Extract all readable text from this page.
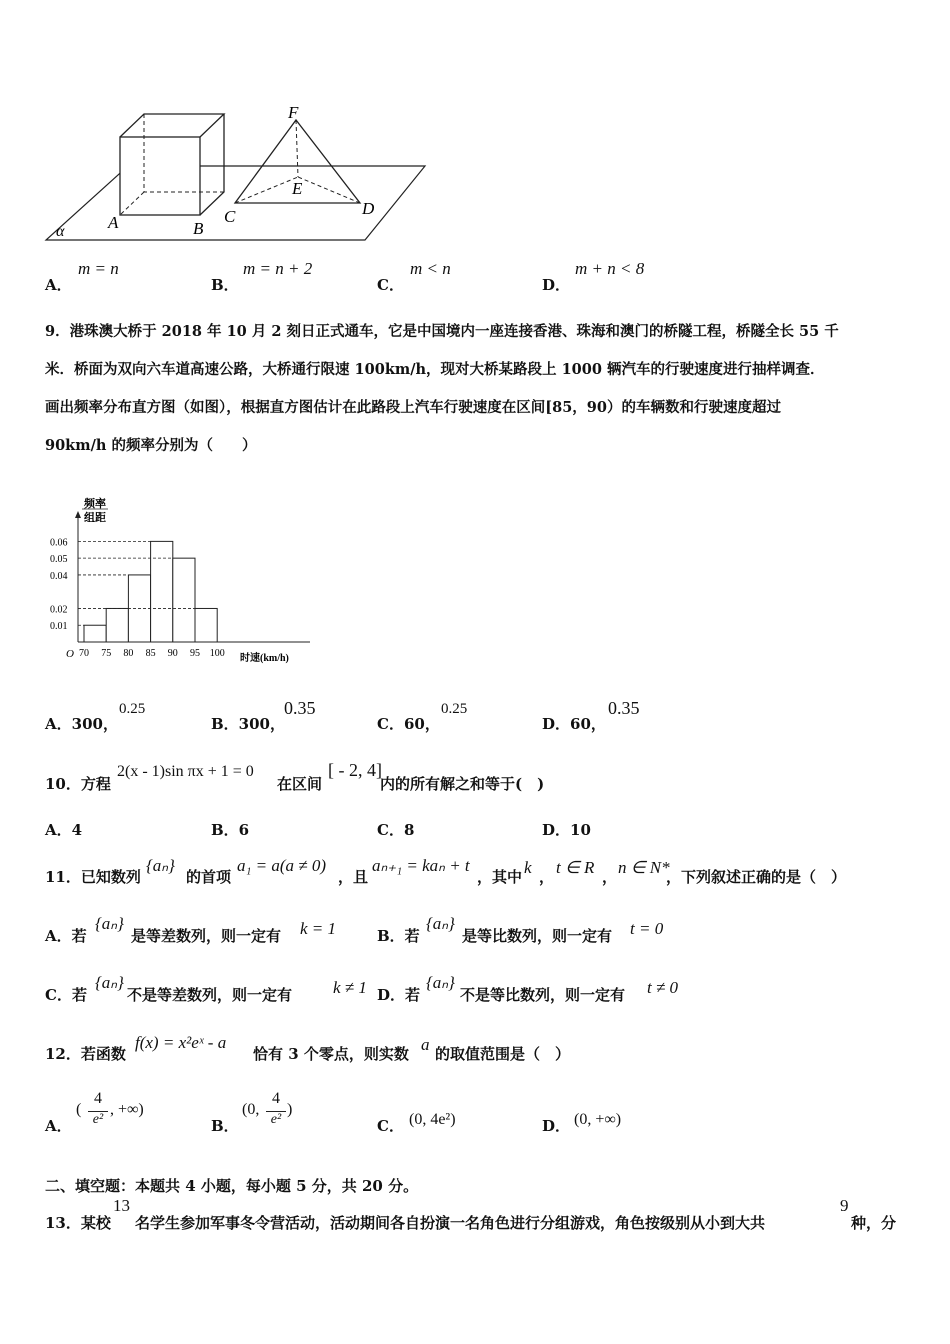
A	B
C	D
E
F
α
A．
m = n
B．
m = n + 2
C．
m < n
D．
m + n < 8
9．港珠澳大桥于 2018 年 10 月 2 刻日正式通车，它是中国境内一座连接香港、珠海和澳门的桥隧工程，桥隧全长 55 千
米．桥面为双向六车道高速公路，大桥通行限速 100km/h，现对大桥某路段上 1000 辆汽车的行驶速度进行抽样调查．
画出频率分布直方图（如图），根据直方图估计在此路段上汽车行驶速度在区间[85，90）的车辆数和行驶速度超过
90km/h 的频率分别为（　　）
频率
组距
O	时速(km/h)
0.01
0.02
0.04
0.05
0.06
70 75 80 85 90 95 100
A．300，
0.25
B．300，
0.35
C．60，
0.25
D．60，
0.35
10．方程
2(x - 1)sin πx + 1 = 0
在区间
[ - 2, 4]
内的所有解之和等于(　)
A．4	B．6	C．8	D．10
11．已知数列
{aₙ}
的首项
a₁ = a(a ≠ 0)
，且
aₙ₊₁ = kaₙ + t
，其中 k ， t ∈ R ， n ∈ N*
，下列叙述正确的是（　）
A．若
{aₙ}
是等差数列，则一定有 k = 1	B．若
{aₙ}
是等比数列，则一定有 t = 0
C．若
{aₙ}
不是等差数列，则一定有 k ≠ 1 D．若
{aₙ}
不是等比数列，则一定有 t ≠ 0
12．若函数
f(x) = x²eˣ - a
恰有 3 个零点，则实数 a 的取值范围是（　）
A．
(
4
e²
, +∞)
B．
(0,
4
e²
)
C． (0, 4e²)	D． (0, +∞)
二、填空题：本题共 4 小题，每小题 5 分，共 20 分。
13．某校
13
名学生参加军事冬令营活动，活动期间各自扮演一名角色进行分组游戏，角色按级别从小到大共
9
种，分
